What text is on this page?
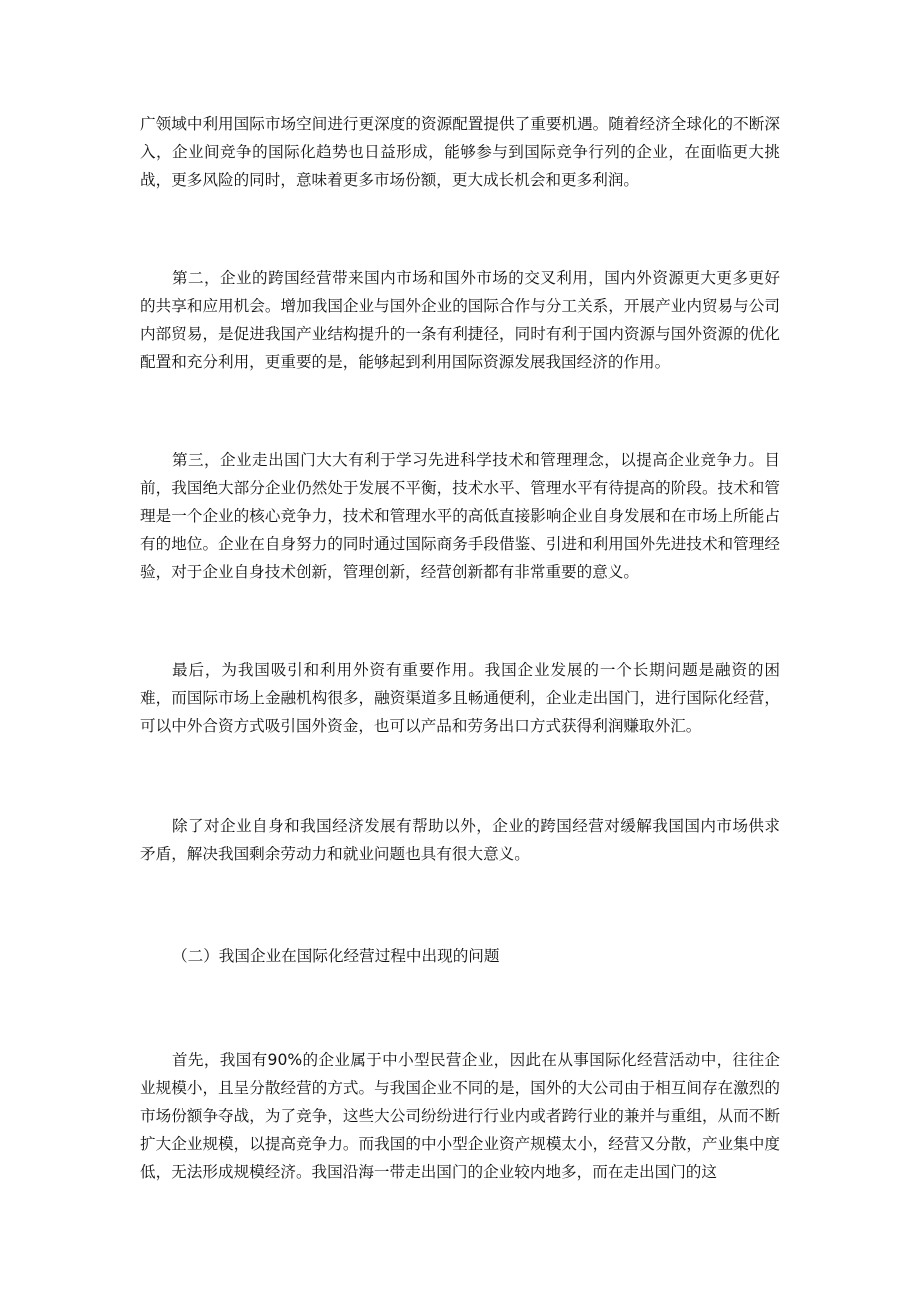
广领域中利用国际市场空间进行更深度的资源配置提供了重要机遇。随着经济全球化的不断深入，企业间竞争的国际化趋势也日益形成，能够参与到国际竞争行列的企业，在面临更大挑战，更多风险的同时，意味着更多市场份额，更大成长机会和更多利润。

第二，企业的跨国经营带来国内市场和国外市场的交叉利用，国内外资源更大更多更好的共享和应用机会。增加我国企业与国外企业的国际合作与分工关系，开展产业内贸易与公司内部贸易，是促进我国产业结构提升的一条有利捷径，同时有利于国内资源与国外资源的优化配置和充分利用，更重要的是，能够起到利用国际资源发展我国经济的作用。

第三，企业走出国门大大有利于学习先进科学技术和管理理念，以提高企业竞争力。目前，我国绝大部分企业仍然处于发展不平衡，技术水平、管理水平有待提高的阶段。技术和管理是一个企业的核心竞争力，技术和管理水平的高低直接影响企业自身发展和在市场上所能占有的地位。企业在自身努力的同时通过国际商务手段借鉴、引进和利用国外先进技术和管理经验，对于企业自身技术创新，管理创新，经营创新都有非常重要的意义。

最后，为我国吸引和利用外资有重要作用。我国企业发展的一个长期问题是融资的困难，而国际市场上金融机构很多，融资渠道多且畅通便利，企业走出国门，进行国际化经营，可以中外合资方式吸引国外资金，也可以产品和劳务出口方式获得利润赚取外汇。

除了对企业自身和我国经济发展有帮助以外，企业的跨国经营对缓解我国国内市场供求矛盾，解决我国剩余劳动力和就业问题也具有很大意义。

（二）我国企业在国际化经营过程中出现的问题

首先，我国有90%的企业属于中小型民营企业，因此在从事国际化经营活动中，往往企业规模小，且呈分散经营的方式。与我国企业不同的是，国外的大公司由于相互间存在激烈的市场份额争夺战，为了竞争，这些大公司纷纷进行行业内或者跨行业的兼并与重组，从而不断扩大企业规模，以提高竞争力。而我国的中小型企业资产规模太小，经营又分散，产业集中度低，无法形成规模经济。我国沿海一带走出国门的企业较内地多，而在走出国门的这
